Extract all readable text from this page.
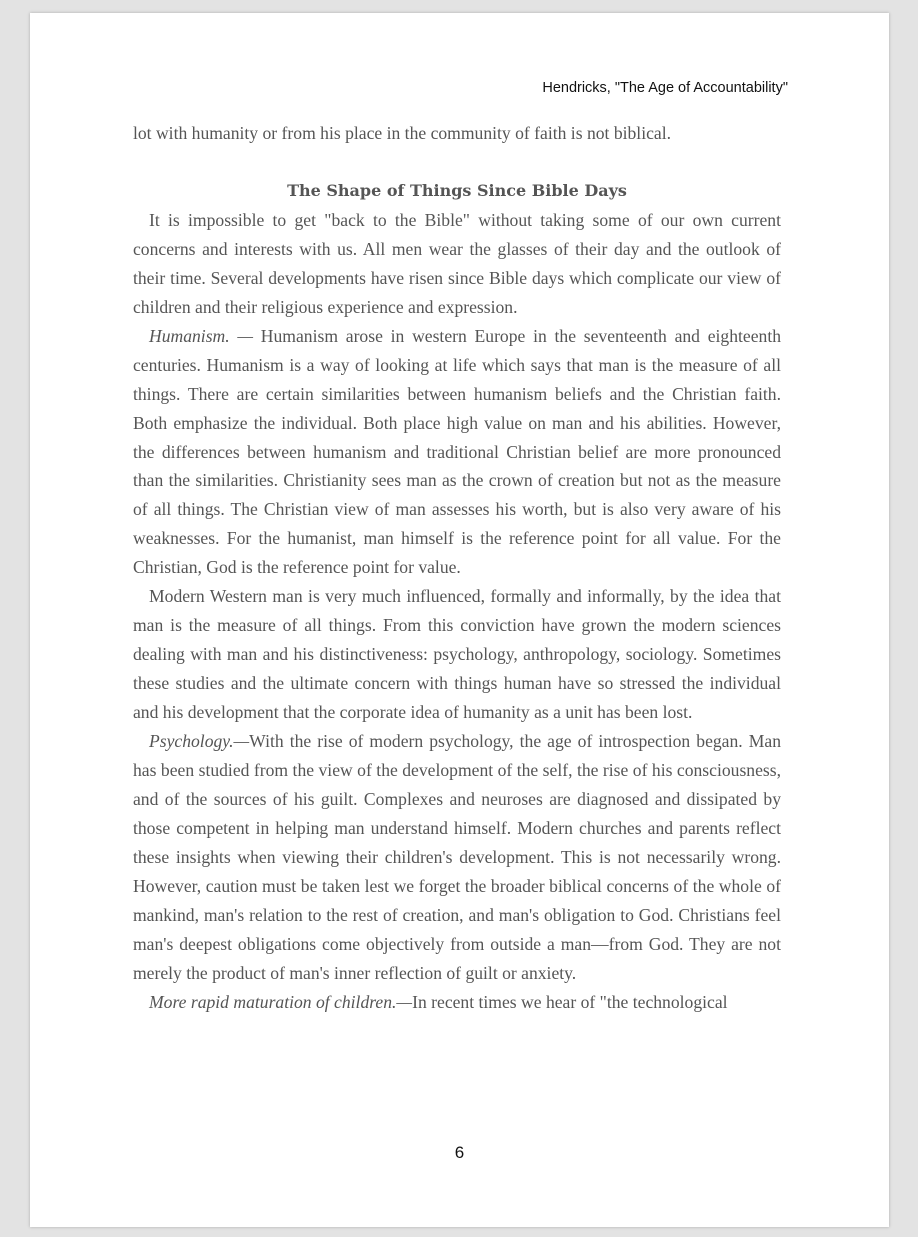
Hendricks, "The Age of Accountability"

lot with humanity or from his place in the community of faith is not biblical.

The Shape of Things Since Bible Days

It is impossible to get "back to the Bible" without taking some of our own current concerns and interests with us. All men wear the glasses of their day and the outlook of their time. Several developments have risen since Bible days which complicate our view of children and their religious experience and expression.

Humanism. — Humanism arose in western Europe in the seventeenth and eighteenth centuries. Humanism is a way of looking at life which says that man is the measure of all things. There are certain similarities between humanism beliefs and the Christian faith. Both emphasize the individual. Both place high value on man and his abilities. However, the differences between humanism and traditional Christian belief are more pronounced than the similarities. Christianity sees man as the crown of creation but not as the measure of all things. The Christian view of man assesses his worth, but is also very aware of his weaknesses. For the humanist, man himself is the reference point for all value. For the Christian, God is the reference point for value.

Modern Western man is very much influenced, formally and informally, by the idea that man is the measure of all things. From this conviction have grown the modern sciences dealing with man and his distinctiveness: psychology, anthropology, sociology. Sometimes these studies and the ultimate concern with things human have so stressed the individual and his development that the corporate idea of humanity as a unit has been lost.

Psychology.—With the rise of modern psychology, the age of introspection began. Man has been studied from the view of the development of the self, the rise of his consciousness, and of the sources of his guilt. Complexes and neuroses are diagnosed and dissipated by those competent in helping man understand himself. Modern churches and parents reflect these insights when viewing their children's development. This is not necessarily wrong. However, caution must be taken lest we forget the broader biblical concerns of the whole of mankind, man's relation to the rest of creation, and man's obligation to God. Christians feel man's deepest obligations come objectively from outside a man—from God. They are not merely the product of man's inner reflection of guilt or anxiety.

More rapid maturation of children.—In recent times we hear of "the technological

6
